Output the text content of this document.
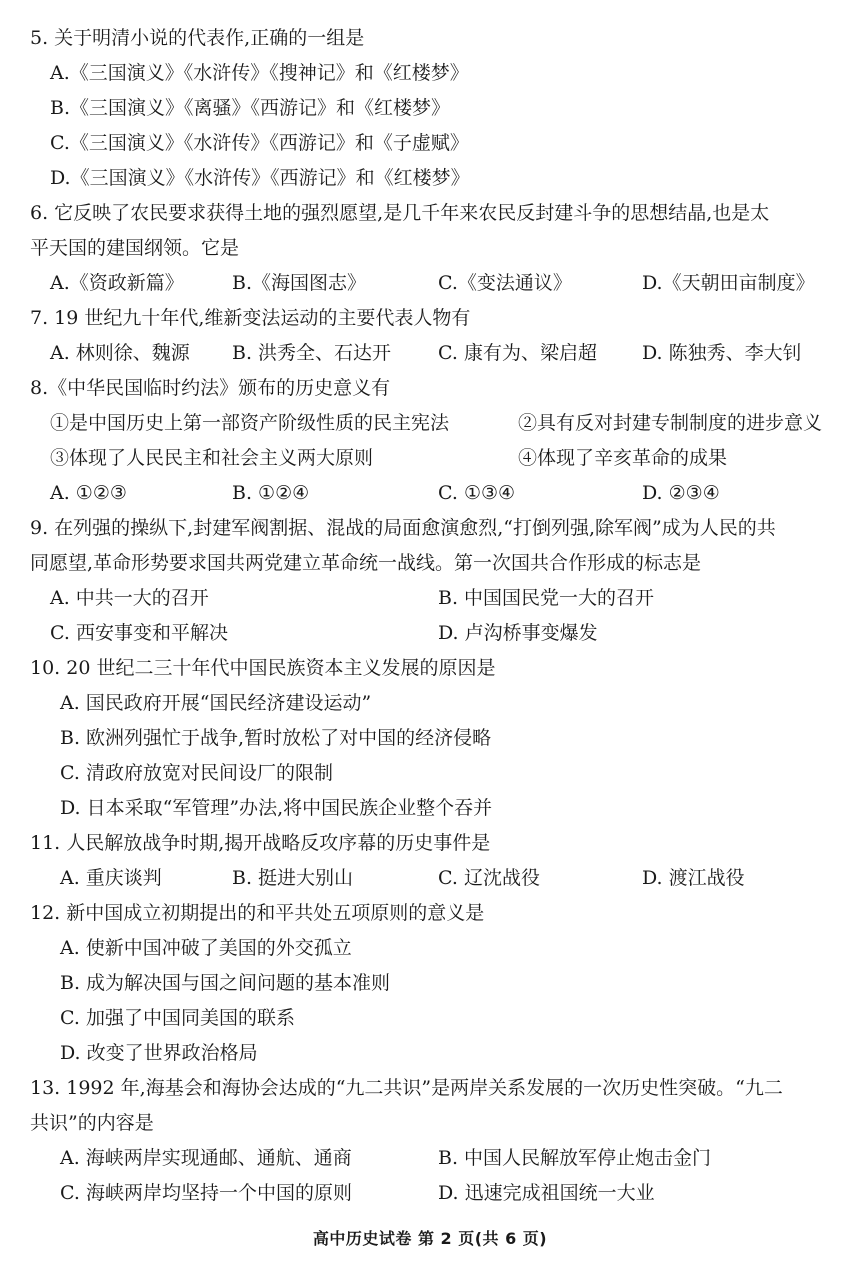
5. 关于明清小说的代表作,正确的一组是
A.《三国演义》《水浒传》《搜神记》和《红楼梦》
B.《三国演义》《离骚》《西游记》和《红楼梦》
C.《三国演义》《水浒传》《西游记》和《子虚赋》
D.《三国演义》《水浒传》《西游记》和《红楼梦》
6. 它反映了农民要求获得土地的强烈愿望,是几千年来农民反封建斗争的思想结晶,也是太
平天国的建国纲领。它是
A.《资政新篇》	B.《海国图志》	C.《变法通议》	D.《天朝田亩制度》
7. 19 世纪九十年代,维新变法运动的主要代表人物有
A. 林则徐、魏源 B. 洪秀全、石达开 C. 康有为、梁启超 D. 陈独秀、李大钊
8.《中华民国临时约法》颁布的历史意义有
①是中国历史上第一部资产阶级性质的民主宪法	②具有反对封建专制制度的进步意义
③体现了人民民主和社会主义两大原则	④体现了辛亥革命的成果
A. ①②③	B. ①②④	C. ①③④	D. ②③④
9. 在列强的操纵下,封建军阀割据、混战的局面愈演愈烈,“打倒列强,除军阀”成为人民的共
同愿望,革命形势要求国共两党建立革命统一战线。第一次国共合作形成的标志是
A. 中共一大的召开	B. 中国国民党一大的召开
C. 西安事变和平解决	D. 卢沟桥事变爆发
10. 20 世纪二三十年代中国民族资本主义发展的原因是
A. 国民政府开展“国民经济建设运动”
B. 欧洲列强忙于战争,暂时放松了对中国的经济侵略
C. 清政府放宽对民间设厂的限制
D. 日本采取“军管理”办法,将中国民族企业整个吞并
11. 人民解放战争时期,揭开战略反攻序幕的历史事件是
A. 重庆谈判	B. 挺进大别山	C. 辽沈战役	D. 渡江战役
12. 新中国成立初期提出的和平共处五项原则的意义是
A. 使新中国冲破了美国的外交孤立
B. 成为解决国与国之间问题的基本准则
C. 加强了中国同美国的联系
D. 改变了世界政治格局
13. 1992 年,海基会和海协会达成的“九二共识”是两岸关系发展的一次历史性突破。“九二
共识”的内容是
A. 海峡两岸实现通邮、通航、通商	B. 中国人民解放军停止炮击金门
C. 海峡两岸均坚持一个中国的原则	D. 迅速完成祖国统一大业
高中历史试卷 第 2 页(共 6 页)
